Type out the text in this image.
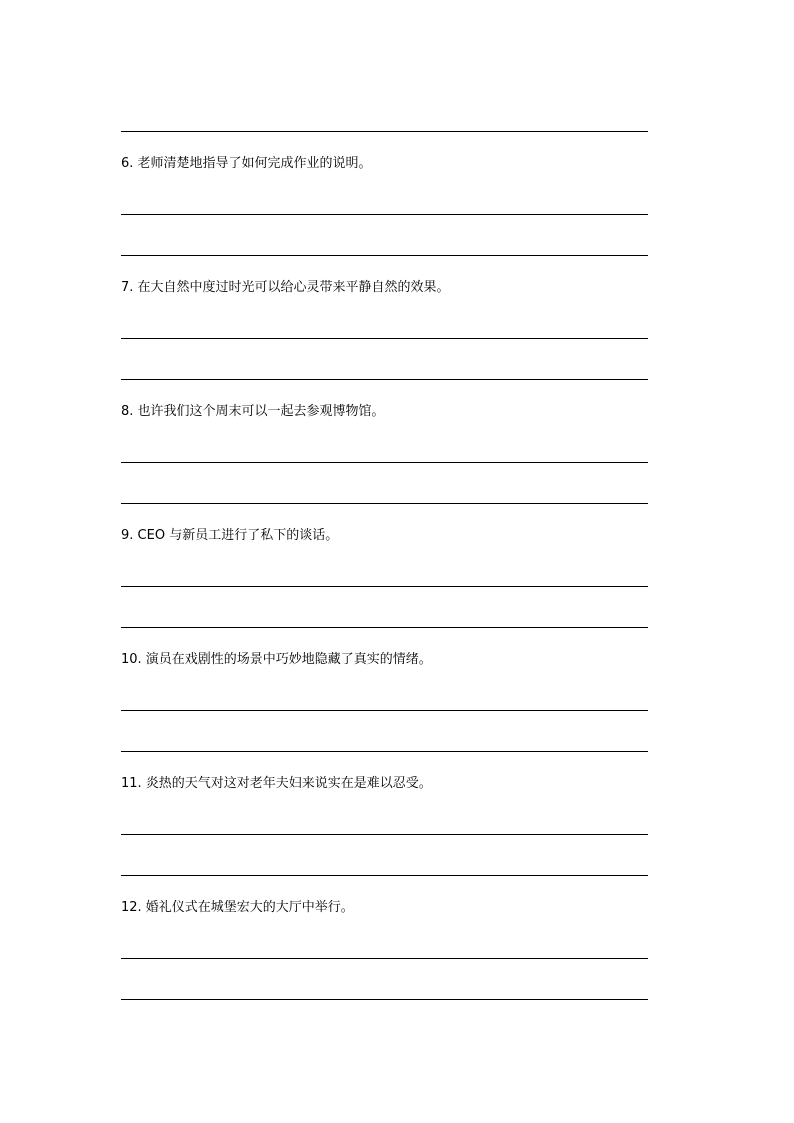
6. 老师清楚地指导了如何完成作业的说明。
7. 在大自然中度过时光可以给心灵带来平静自然的效果。
8. 也许我们这个周末可以一起去参观博物馆。
9. CEO 与新员工进行了私下的谈话。
10. 演员在戏剧性的场景中巧妙地隐藏了真实的情绪。
11. 炎热的天气对这对老年夫妇来说实在是难以忍受。
12. 婚礼仪式在城堡宏大的大厅中举行。
